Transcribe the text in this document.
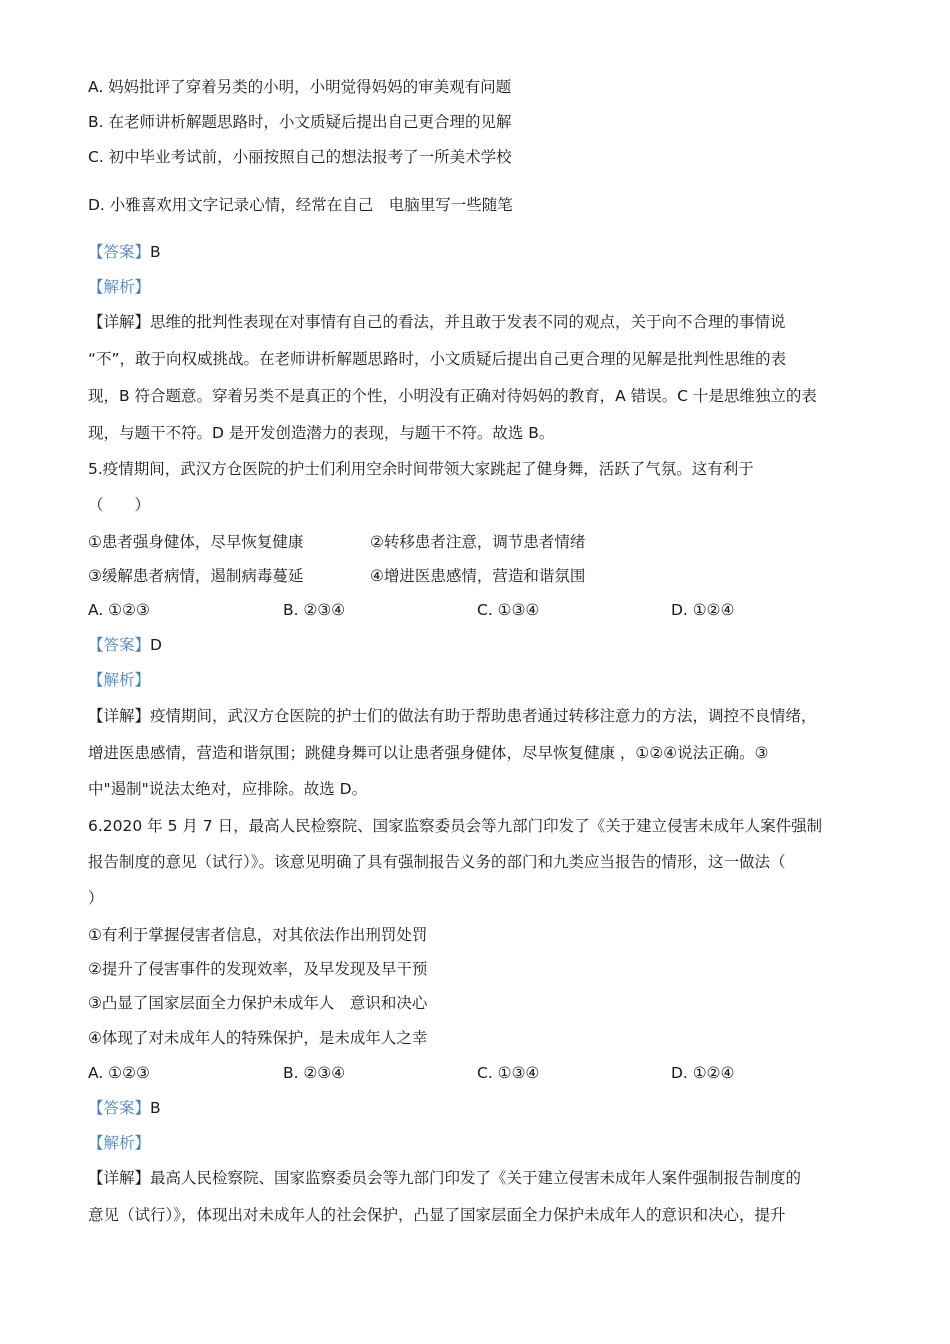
A. 妈妈批评了穿着另类的小明，小明觉得妈妈的审美观有问题
B. 在老师讲析解题思路时，小文质疑后提出自己更合理的见解
C. 初中毕业考试前，小丽按照自己的想法报考了一所美术学校
D. 小雅喜欢用文字记录心情，经常在自己　电脑里写一些随笔
【答案】B
【解析】
【详解】思维的批判性表现在对事情有自己的看法，并且敢于发表不同的观点，关于向不合理的事情说
“不”，敢于向权威挑战。在老师讲析解题思路时，小文质疑后提出自己更合理的见解是批判性思维的表
现，B 符合题意。穿着另类不是真正的个性，小明没有正确对待妈妈的教育，A 错误。C 十是思维独立的表
现，与题干不符。D 是开发创造潜力的表现，与题干不符。故选 B。
5.疫情期间，武汉方仓医院的护士们利用空余时间带领大家跳起了健身舞，活跃了气氛。这有利于
（　　）
①患者强身健体，尽早恢复健康	②转移患者注意，调节患者情绪
③缓解患者病情，遏制病毒蔓延	④增进医患感情，营造和谐氛围
A. ①②③	B. ②③④	C. ①③④	D. ①②④
【答案】D
【解析】
【详解】疫情期间，武汉方仓医院的护士们的做法有助于帮助患者通过转移注意力的方法，调控不良情绪，
增进医患感情，营造和谐氛围；跳健身舞可以让患者强身健体，尽早恢复健康 ，①②④说法正确。③
中"遏制"说法太绝对，应排除。故选 D。
6.2020 年 5 月 7 日，最高人民检察院、国家监察委员会等九部门印发了《关于建立侵害未成年人案件强制
报告制度的意见（试行）》。该意见明确了具有强制报告义务的部门和九类应当报告的情形，这一做法（
）
①有利于掌握侵害者信息，对其依法作出刑罚处罚
②提升了侵害事件的发现效率，及早发现及早干预
③凸显了国家层面全力保护未成年人　意识和决心
④体现了对未成年人的特殊保护，是未成年人之幸
A. ①②③	B. ②③④	C. ①③④	D. ①②④
【答案】B
【解析】
【详解】最高人民检察院、国家监察委员会等九部门印发了《关于建立侵害未成年人案件强制报告制度的
意见（试行）》，体现出对未成年人的社会保护，凸显了国家层面全力保护未成年人的意识和决心，提升
